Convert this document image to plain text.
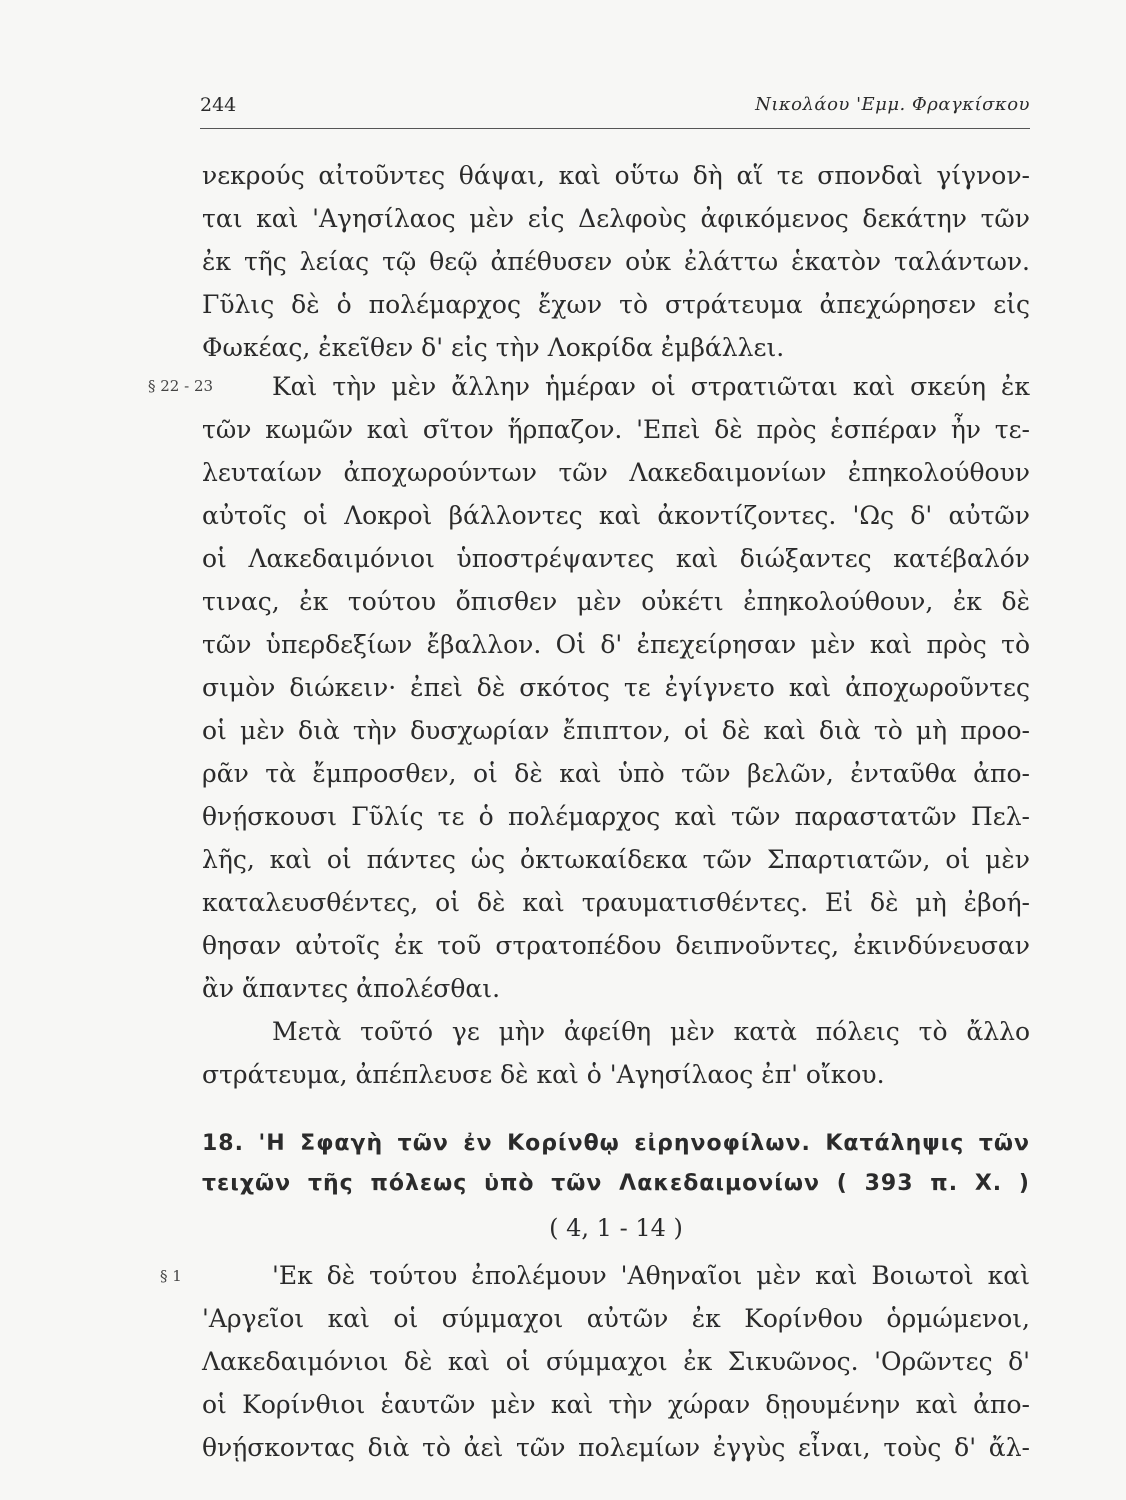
244	Νικολάου 'Εμμ. Φραγκίσκου
νεκρούς αἰτοῦντες θάψαι, καὶ οὕτω δὴ αἵ τε σπονδαὶ γίγνον-
ται καὶ 'Αγησίλαος μὲν εἰς Δελφοὺς ἀφικόμενος δεκάτην τῶν
ἐκ τῆς λείας τῷ θεῷ ἀπέθυσεν οὐκ ἐλάττω ἑκατὸν ταλάντων.
Γῦλις δὲ ὁ πολέμαρχος ἔχων τὸ στράτευμα ἀπεχώρησεν εἰς
Φωκέας, ἐκεῖθεν δ' εἰς τὴν Λοκρίδα ἐμβάλλει.
§ 22 - 23 Καὶ τὴν μὲν ἄλλην ἡμέραν οἱ στρατιῶται καὶ σκεύη ἐκ
τῶν κωμῶν καὶ σῖτον ἥρπαζον. 'Επεὶ δὲ πρὸς ἑσπέραν ἦν τε-
λευταίων ἀποχωρούντων τῶν Λακεδαιμονίων ἐπηκολούθουν
αὐτοῖς οἱ Λοκροὶ βάλλοντες καὶ ἀκοντίζοντες. 'Ως δ' αὐτῶν
οἱ Λακεδαιμόνιοι ὑποστρέψαντες καὶ διώξαντες κατέβαλόν
τινας, ἐκ τούτου ὄπισθεν μὲν οὐκέτι ἐπηκολούθουν, ἐκ δὲ
τῶν ὑπερδεξίων ἔβαλλον. Οἱ δ' ἐπεχείρησαν μὲν καὶ πρὸς τὸ
σιμὸν διώκειν· ἐπεὶ δὲ σκότος τε ἐγίγνετο καὶ ἀποχωροῦντες
οἱ μὲν διὰ τὴν δυσχωρίαν ἔπιπτον, οἱ δὲ καὶ διὰ τὸ μὴ προο-
ρᾶν τὰ ἔμπροσθεν, οἱ δὲ καὶ ὑπὸ τῶν βελῶν, ἐνταῦθα ἀπο-
θνῄσκουσι Γῦλίς τε ὁ πολέμαρχος καὶ τῶν παραστατῶν Πελ-
λῆς, καὶ οἱ πάντες ὡς ὀκτωκαίδεκα τῶν Σπαρτιατῶν, οἱ μὲν
καταλευσθέντες, οἱ δὲ καὶ τραυματισθέντες. Εἰ δὲ μὴ ἐβοή-
θησαν αὐτοῖς ἐκ τοῦ στρατοπέδου δειπνοῦντες, ἐκινδύνευσαν
ἂν ἅπαντες ἀπολέσθαι.
Μετὰ τοῦτό γε μὴν ἀφείθη μὲν κατὰ πόλεις τὸ ἄλλο
στράτευμα, ἀπέπλευσε δὲ καὶ ὁ 'Αγησίλαος ἐπ' οἴκου.
18. 'Η Σφαγὴ τῶν ἐν Κορίνθῳ εἰρηνοφίλων. Κατάληψις τῶν
τειχῶν τῆς πόλεως ὑπὸ τῶν Λακεδαιμονίων ( 393 π. Χ. )
( 4, 1 - 14 )
§ 1	'Εκ δὲ τούτου ἐπολέμουν 'Αθηναῖοι μὲν καὶ Βοιωτοὶ καὶ
'Αργεῖοι καὶ οἱ σύμμαχοι αὐτῶν ἐκ Κορίνθου ὁρμώμενοι,
Λακεδαιμόνιοι δὲ καὶ οἱ σύμμαχοι ἐκ Σικυῶνος. 'Ορῶντες δ'
οἱ Κορίνθιοι ἑαυτῶν μὲν καὶ τὴν χώραν δῃουμένην καὶ ἀπο-
θνῄσκοντας διὰ τὸ ἀεὶ τῶν πολεμίων ἐγγὺς εἶναι, τοὺς δ' ἄλ-
